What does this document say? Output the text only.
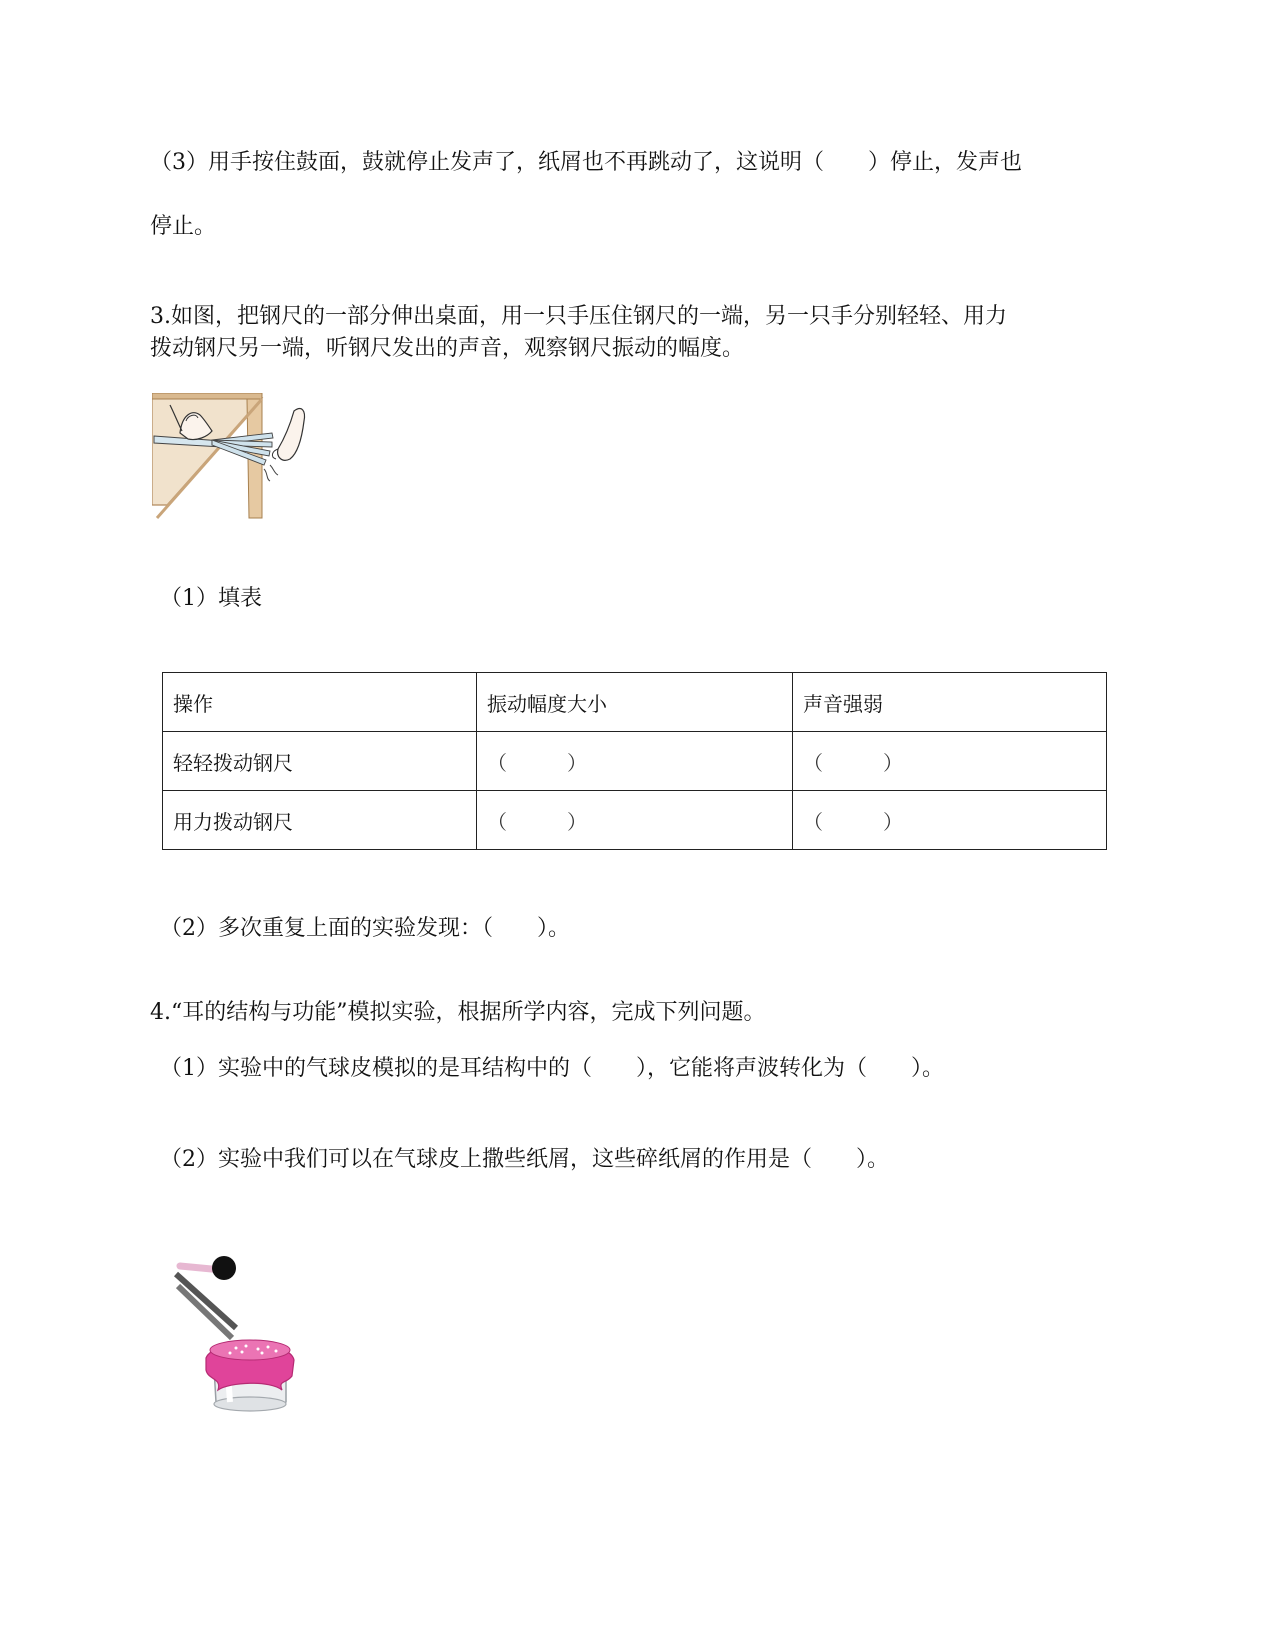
（3）用手按住鼓面，鼓就停止发声了，纸屑也不再跳动了，这说明（　　）停止，发声也
停止。
3.如图，把钢尺的一部分伸出桌面，用一只手压住钢尺的一端，另一只手分别轻轻、用力
拨动钢尺另一端，听钢尺发出的声音，观察钢尺振动的幅度。
（1）填表
操作	振动幅度大小	声音强弱
轻轻拨动钢尺	（　　　）	（　　　）
用力拨动钢尺	（　　　）	（　　　）
（2）多次重复上面的实验发现：（　　）。
4.“耳的结构与功能”模拟实验，根据所学内容，完成下列问题。
（1）实验中的气球皮模拟的是耳结构中的（　　），它能将声波转化为（　　）。
（2）实验中我们可以在气球皮上撒些纸屑，这些碎纸屑的作用是（　　）。
